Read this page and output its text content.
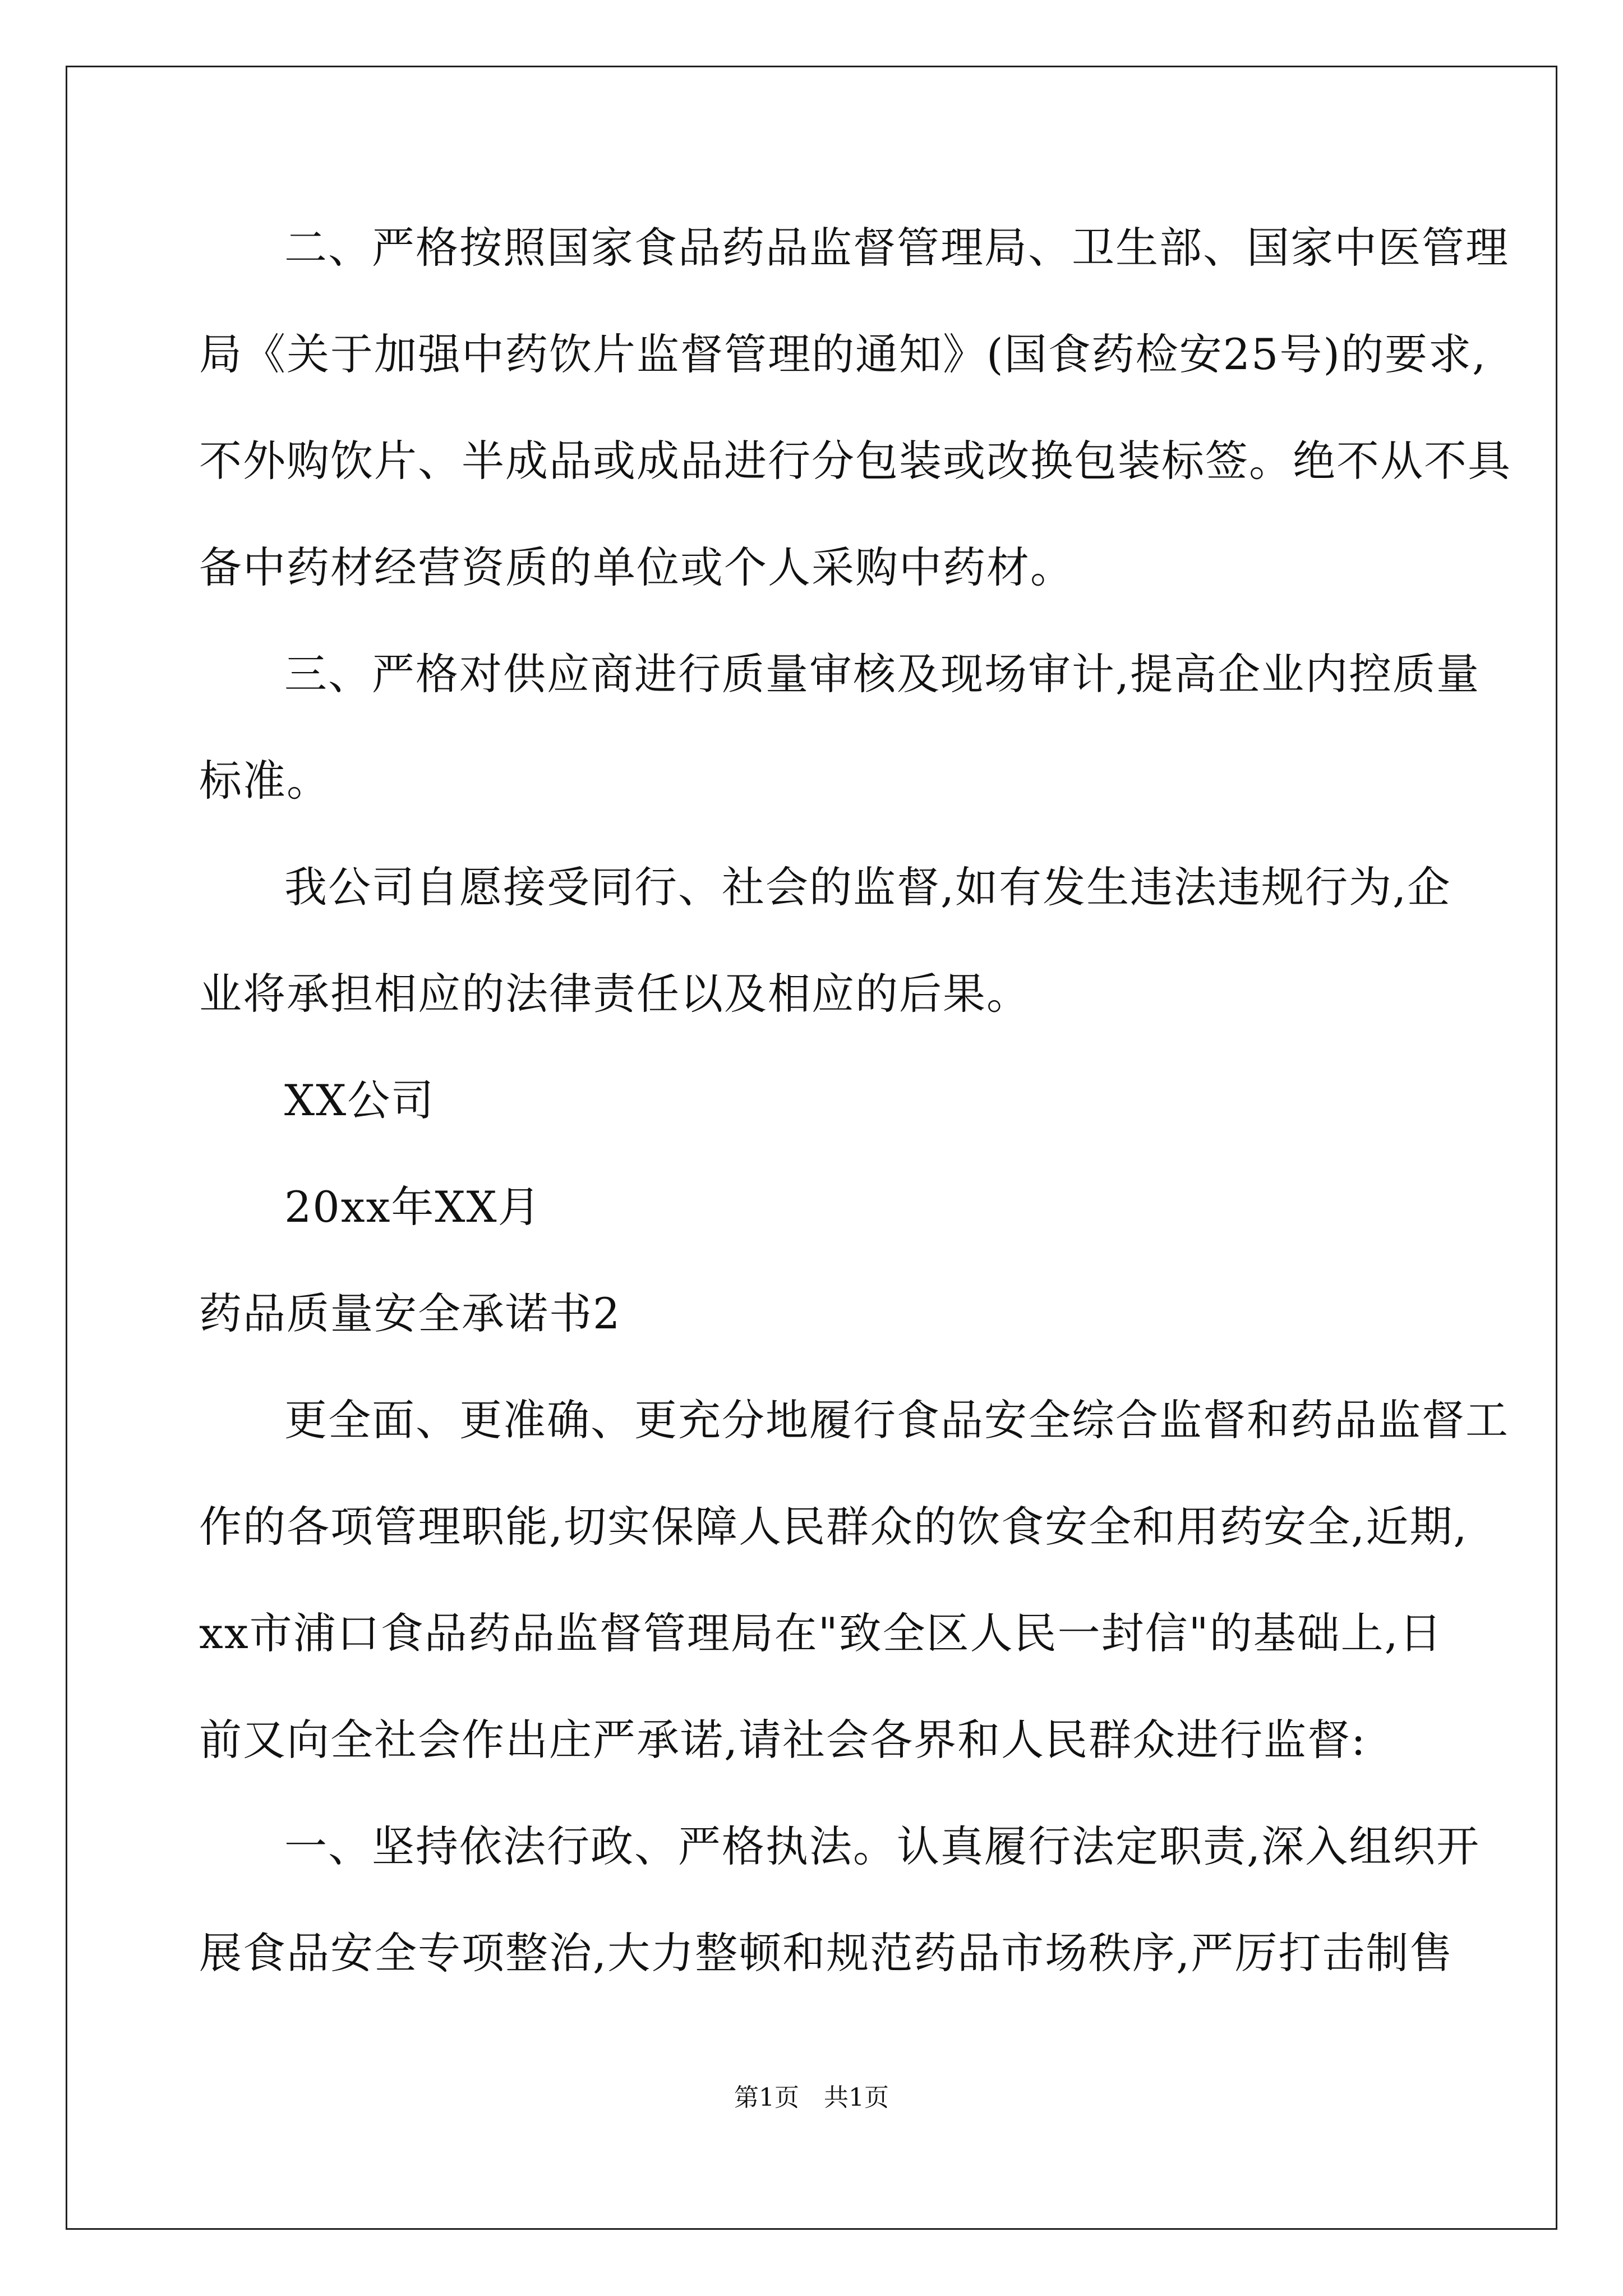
二、严格按照国家食品药品监督管理局、卫生部、国家中医管理
局《关于加强中药饮片监督管理的通知》(国食药检安25号)的要求,
不外购饮片、半成品或成品进行分包装或改换包装标签。绝不从不具
备中药材经营资质的单位或个人采购中药材。
三、严格对供应商进行质量审核及现场审计,提高企业内控质量
标准。
我公司自愿接受同行、社会的监督,如有发生违法违规行为,企
业将承担相应的法律责任以及相应的后果。
XX公司
20xx年XX月
药品质量安全承诺书2
更全面、更准确、更充分地履行食品安全综合监督和药品监督工
作的各项管理职能,切实保障人民群众的饮食安全和用药安全,近期,
xx市浦口食品药品监督管理局在"致全区人民一封信"的基础上,日
前又向全社会作出庄严承诺,请社会各界和人民群众进行监督:
一、坚持依法行政、严格执法。认真履行法定职责,深入组织开
展食品安全专项整治,大力整顿和规范药品市场秩序,严厉打击制售
第1页 共1页
